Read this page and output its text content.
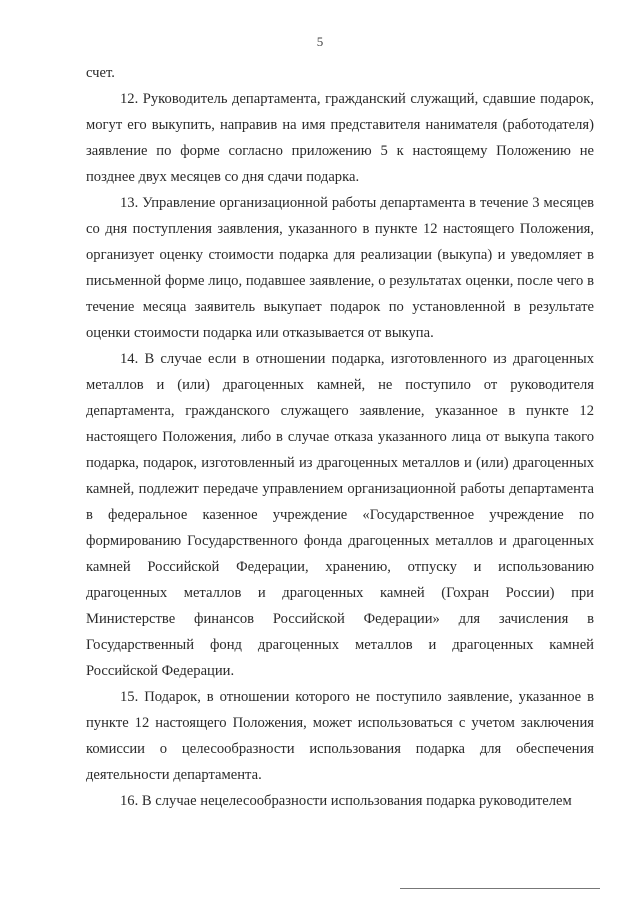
5

счет.

12. Руководитель департамента, гражданский служащий, сдавшие подарок, могут его выкупить, направив на имя представителя нанимателя (работодателя) заявление по форме согласно приложению 5 к настоящему Положению не позднее двух месяцев со дня сдачи подарка.

13. Управление организационной работы департамента в течение 3 месяцев со дня поступления заявления, указанного в пункте 12 настоящего Положения, организует оценку стоимости подарка для реализации (выкупа) и уведомляет в письменной форме лицо, подавшее заявление, о результатах оценки, после чего в течение месяца заявитель выкупает подарок по установленной в результате оценки стоимости подарка или отказывается от выкупа.

14. В случае если в отношении подарка, изготовленного из драгоценных металлов и (или) драгоценных камней, не поступило от руководителя департамента, гражданского служащего заявление, указанное в пункте 12 настоящего Положения, либо в случае отказа указанного лица от выкупа такого подарка, подарок, изготовленный из драгоценных металлов и (или) драгоценных камней, подлежит передаче управлением организационной работы департамента в федеральное казенное учреждение «Государственное учреждение по формированию Государственного фонда драгоценных металлов и драгоценных камней Российской Федерации, хранению, отпуску и использованию драгоценных металлов и драгоценных камней (Гохран России) при Министерстве финансов Российской Федерации» для зачисления в Государственный фонд драгоценных металлов и драгоценных камней Российской Федерации.

15. Подарок, в отношении которого не поступило заявление, указанное в пункте 12 настоящего Положения, может использоваться с учетом заключения комиссии о целесообразности использования подарка для обеспечения деятельности департамента.

16. В случае нецелесообразности использования подарка руководителем
